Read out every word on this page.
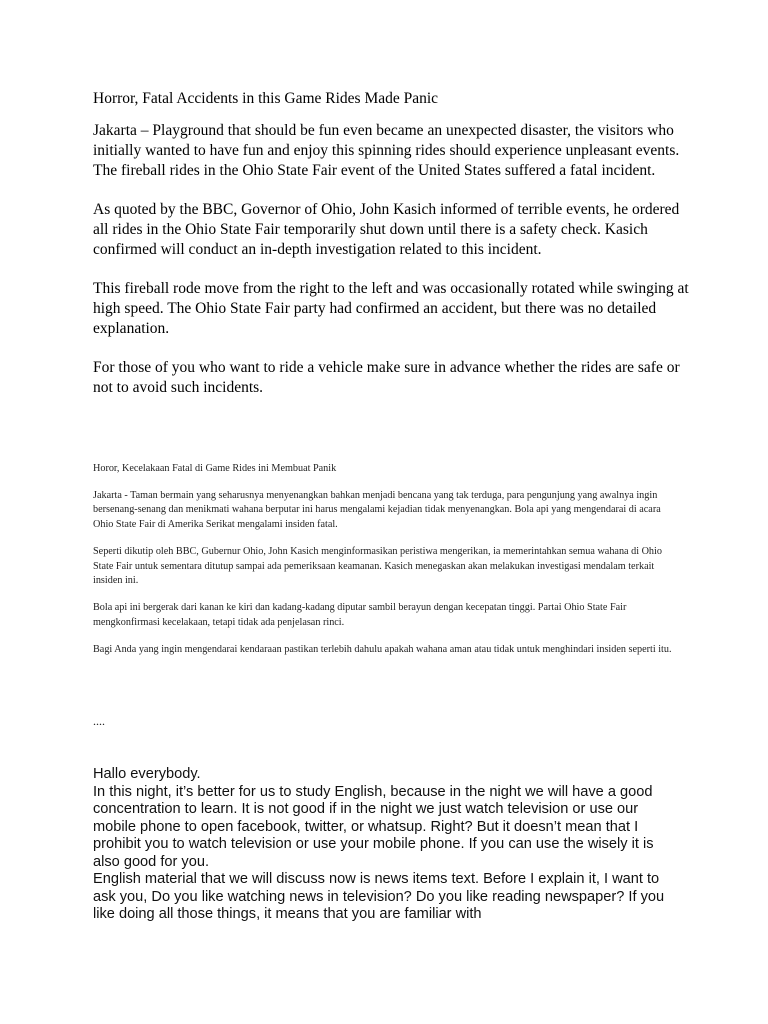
Horror, Fatal Accidents in this Game Rides Made Panic

Jakarta – Playground that should be fun even became an unexpected disaster, the visitors who initially wanted to have fun and enjoy this spinning rides should experience unpleasant events. The fireball rides in the Ohio State Fair event of the United States suffered a fatal incident.

As quoted by the BBC, Governor of Ohio, John Kasich informed of terrible events, he ordered all rides in the Ohio State Fair temporarily shut down until there is a safety check. Kasich confirmed will conduct an in-depth investigation related to this incident.

This fireball rode move from the right to the left and was occasionally rotated while swinging at high speed. The Ohio State Fair party had confirmed an accident, but there was no detailed explanation.

For those of you who want to ride a vehicle make sure in advance whether the rides are safe or not to avoid such incidents.

Horor, Kecelakaan Fatal di Game Rides ini Membuat Panik

Jakarta - Taman bermain yang seharusnya menyenangkan bahkan menjadi bencana yang tak terduga, para pengunjung yang awalnya ingin bersenang-senang dan menikmati wahana berputar ini harus mengalami kejadian tidak menyenangkan. Bola api yang mengendarai di acara Ohio State Fair di Amerika Serikat mengalami insiden fatal.

Seperti dikutip oleh BBC, Gubernur Ohio, John Kasich menginformasikan peristiwa mengerikan, ia memerintahkan semua wahana di Ohio State Fair untuk sementara ditutup sampai ada pemeriksaan keamanan. Kasich menegaskan akan melakukan investigasi mendalam terkait insiden ini.

Bola api ini bergerak dari kanan ke kiri dan kadang-kadang diputar sambil berayun dengan kecepatan tinggi. Partai Ohio State Fair mengkonfirmasi kecelakaan, tetapi tidak ada penjelasan rinci.

Bagi Anda yang ingin mengendarai kendaraan pastikan terlebih dahulu apakah wahana aman atau tidak untuk menghindari insiden seperti itu.

....

Hallo everybody.

In this night, it’s better for us to study English, because in the night we will have a good concentration to learn. It is not good if in the night we just watch television or use our mobile phone to open facebook, twitter, or whatsup. Right? But it doesn’t mean that I prohibit you to watch television or use your mobile phone. If you can use the wisely it is also good for you.

English material that we will discuss now is news items text. Before I explain it, I want to ask you, Do you like watching news in television? Do you like reading newspaper? If you like doing all those things, it means that you are familiar with
